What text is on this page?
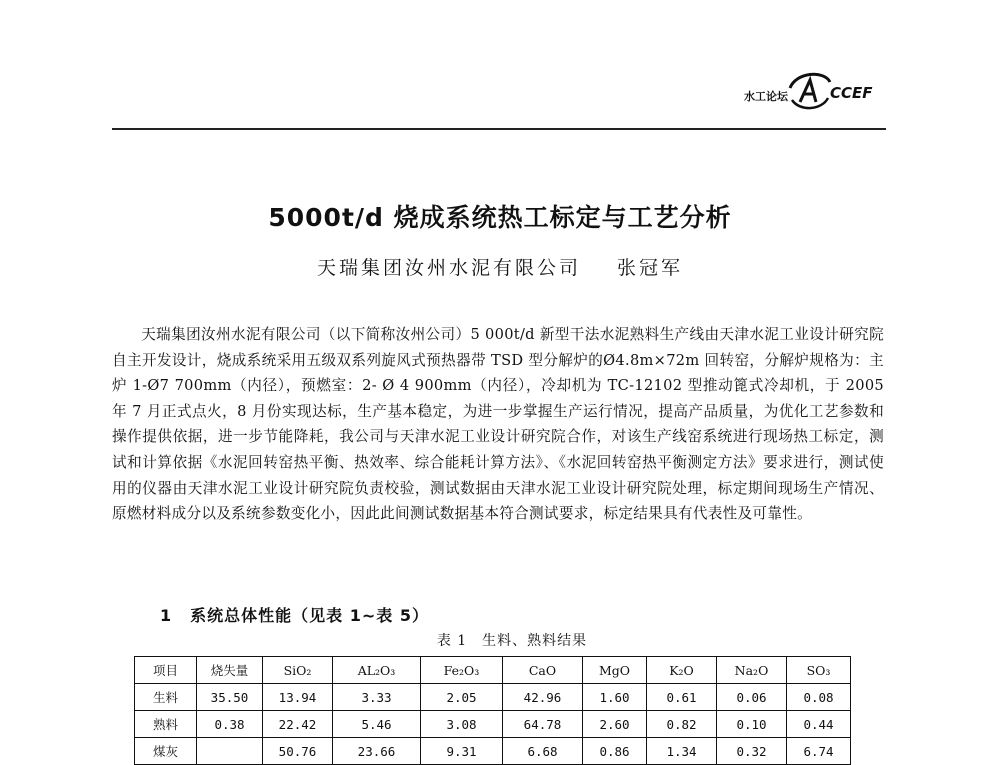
水工论坛	CCEF
5000t/d 烧成系统热工标定与工艺分析
天瑞集团汝州水泥有限公司 张冠军
天瑞集团汝州水泥有限公司（以下简称汝州公司）5 000t/d 新型干法水泥熟料生产线由天津水泥工业设计研究院自主开发设计，烧成系统采用五级双系列旋风式预热器带 TSD 型分解炉的Ø4.8m×72m 回转窑，分解炉规格为：主炉 1-Ø7 700mm（内径），预燃室：2- Ø 4 900mm（内径），冷却机为 TC-12102 型推动篦式冷却机，于 2005 年 7 月正式点火，8 月份实现达标，生产基本稳定，为进一步掌握生产运行情况，提高产品质量，为优化工艺参数和操作提供依据，进一步节能降耗，我公司与天津水泥工业设计研究院合作，对该生产线窑系统进行现场热工标定，测试和计算依据《水泥回转窑热平衡、热效率、综合能耗计算方法》、《水泥回转窑热平衡测定方法》要求进行，测试使用的仪器由天津水泥工业设计研究院负责校验，测试数据由天津水泥工业设计研究院处理，标定期间现场生产情况、原燃材料成分以及系统参数变化小，因此此间测试数据基本符合测试要求，标定结果具有代表性及可靠性。
1 系统总体性能（见表 1~表 5）
表 1　生料、熟料结果
项目	烧失量	SiO₂	AL₂O₃	Fe₂O₃	CaO	MgO	K₂O	Na₂O	SO₃
生料	35.50	13.94	3.33	2.05	42.96	1.60	0.61	0.06	0.08
熟料	0.38	22.42	5.46	3.08	64.78	2.60	0.82	0.10	0.44
煤灰		50.76	23.66	9.31	6.68	0.86	1.34	0.32	6.74
